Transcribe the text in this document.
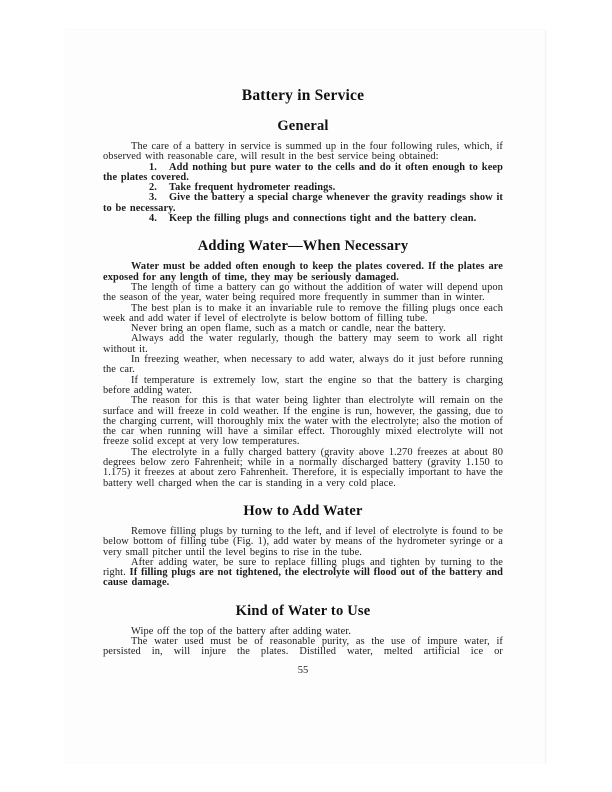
Battery in Service
General

The care of a battery in service is summed up in the four following rules, which, if observed with reasonable care, will result in the best service being obtained:

1. Add nothing but pure water to the cells and do it often enough to keep the plates covered.

2. Take frequent hydrometer readings.

3. Give the battery a special charge whenever the gravity readings show it to be necessary.

4. Keep the filling plugs and connections tight and the battery clean.

Adding Water—When Necessary

Water must be added often enough to keep the plates covered. If the plates are exposed for any length of time, they may be seriously damaged.

The length of time a battery can go without the addition of water will depend upon the season of the year, water being required more frequently in summer than in winter.

The best plan is to make it an invariable rule to remove the filling plugs once each week and add water if level of electrolyte is below bottom of filling tube.

Never bring an open flame, such as a match or candle, near the battery.

Always add the water regularly, though the battery may seem to work all right without it.

In freezing weather, when necessary to add water, always do it just before running the car.

If temperature is extremely low, start the engine so that the battery is charging before adding water.

The reason for this is that water being lighter than electrolyte will remain on the surface and will freeze in cold weather. If the engine is run, however, the gassing, due to the charging current, will thoroughly mix the water with the electrolyte; also the motion of the car when running will have a similar effect. Thoroughly mixed electrolyte will not freeze solid except at very low temperatures.

The electrolyte in a fully charged battery (gravity above 1.270 freezes at about 80 degrees below zero Fahrenheit; while in a normally discharged battery (gravity 1.150 to 1.175) it freezes at about zero Fahrenheit. Therefore, it is especially important to have the battery well charged when the car is standing in a very cold place.

How to Add Water

Remove filling plugs by turning to the left, and if level of electrolyte is found to be below bottom of filling tube (Fig. 1), add water by means of the hydrometer syringe or a very small pitcher until the level begins to rise in the tube.

After adding water, be sure to replace filling plugs and tighten by turning to the right. If filling plugs are not tightened, the electrolyte will flood out of the battery and cause damage.

Kind of Water to Use

Wipe off the top of the battery after adding water.

The water used must be of reasonable purity, as the use of impure water, if persisted in, will injure the plates. Distilled water, melted artificial ice or

55
